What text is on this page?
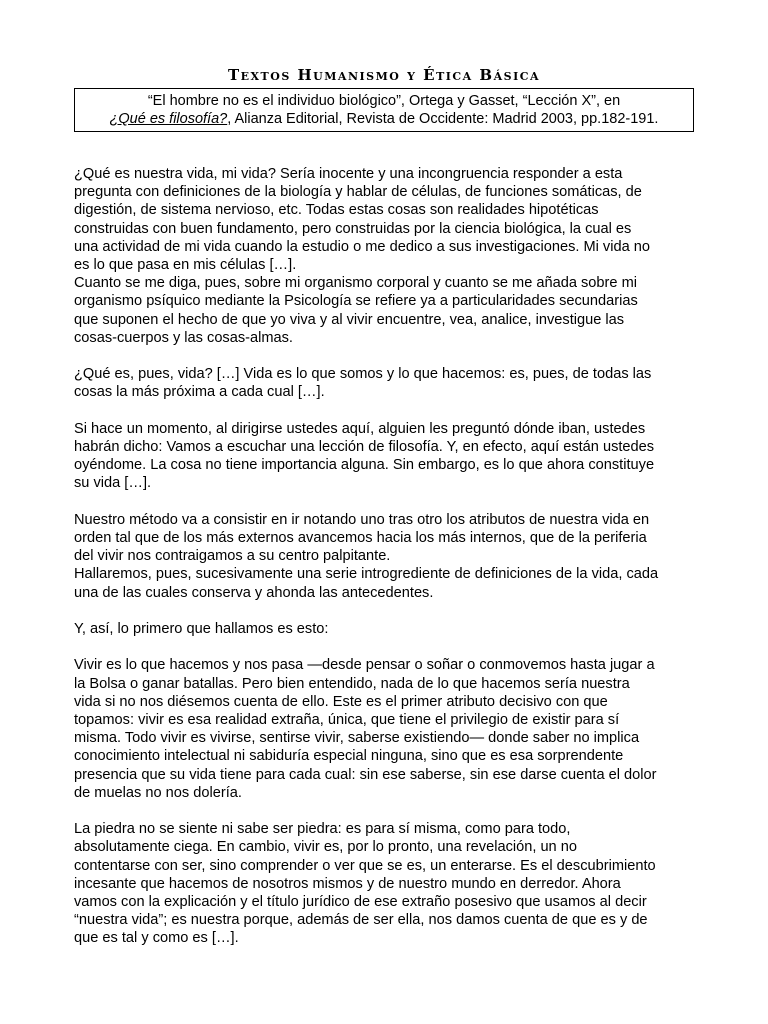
Textos Humanismo y Ética Básica
“El hombre no es el individuo biológico”, Ortega y Gasset, “Lección X”, en
¿Qué es filosofía?, Alianza Editorial, Revista de Occidente: Madrid 2003, pp.182-191.

¿Qué es nuestra vida, mi vida? Sería inocente y una incongruencia responder a esta
pregunta con definiciones de la biología y hablar de células, de funciones somáticas, de
digestión, de sistema nervioso, etc. Todas estas cosas son realidades hipotéticas
construidas con buen fundamento, pero construidas por la ciencia biológica, la cual es
una actividad de mi vida cuando la estudio o me dedico a sus investigaciones. Mi vida no
es lo que pasa en mis células […].
Cuanto se me diga, pues, sobre mi organismo corporal y cuanto se me añada sobre mi
organismo psíquico mediante la Psicología se refiere ya a particularidades secundarias
que suponen el hecho de que yo viva y al vivir encuentre, vea, analice, investigue las
cosas-cuerpos y las cosas-almas.

¿Qué es, pues, vida? […] Vida es lo que somos y lo que hacemos: es, pues, de todas las
cosas la más próxima a cada cual […].

Si hace un momento, al dirigirse ustedes aquí, alguien les preguntó dónde iban, ustedes
habrán dicho: Vamos a escuchar una lección de filosofía. Y, en efecto, aquí están ustedes
oyéndome. La cosa no tiene importancia alguna. Sin embargo, es lo que ahora constituye
su vida […].

Nuestro método va a consistir en ir notando uno tras otro los atributos de nuestra vida en
orden tal que de los más externos avancemos hacia los más internos, que de la periferia
del vivir nos contraigamos a su centro palpitante.
Hallaremos, pues, sucesivamente una serie introgrediente de definiciones de la vida, cada
una de las cuales conserva y ahonda las antecedentes.

Y, así, lo primero que hallamos es esto:

Vivir es lo que hacemos y nos pasa —desde pensar o soñar o conmovemos hasta jugar a
la Bolsa o ganar batallas. Pero bien entendido, nada de lo que hacemos sería nuestra
vida si no nos diésemos cuenta de ello. Este es el primer atributo decisivo con que
topamos: vivir es esa realidad extraña, única, que tiene el privilegio de existir para sí
misma. Todo vivir es vivirse, sentirse vivir, saberse existiendo— donde saber no implica
conocimiento intelectual ni sabiduría especial ninguna, sino que es esa sorprendente
presencia que su vida tiene para cada cual: sin ese saberse, sin ese darse cuenta el dolor
de muelas no nos dolería.

La piedra no se siente ni sabe ser piedra: es para sí misma, como para todo,
absolutamente ciega. En cambio, vivir es, por lo pronto, una revelación, un no
contentarse con ser, sino comprender o ver que se es, un enterarse. Es el descubrimiento
incesante que hacemos de nosotros mismos y de nuestro mundo en derredor. Ahora
vamos con la explicación y el título jurídico de ese extraño posesivo que usamos al decir
“nuestra vida”; es nuestra porque, además de ser ella, nos damos cuenta de que es y de
que es tal y como es […].
